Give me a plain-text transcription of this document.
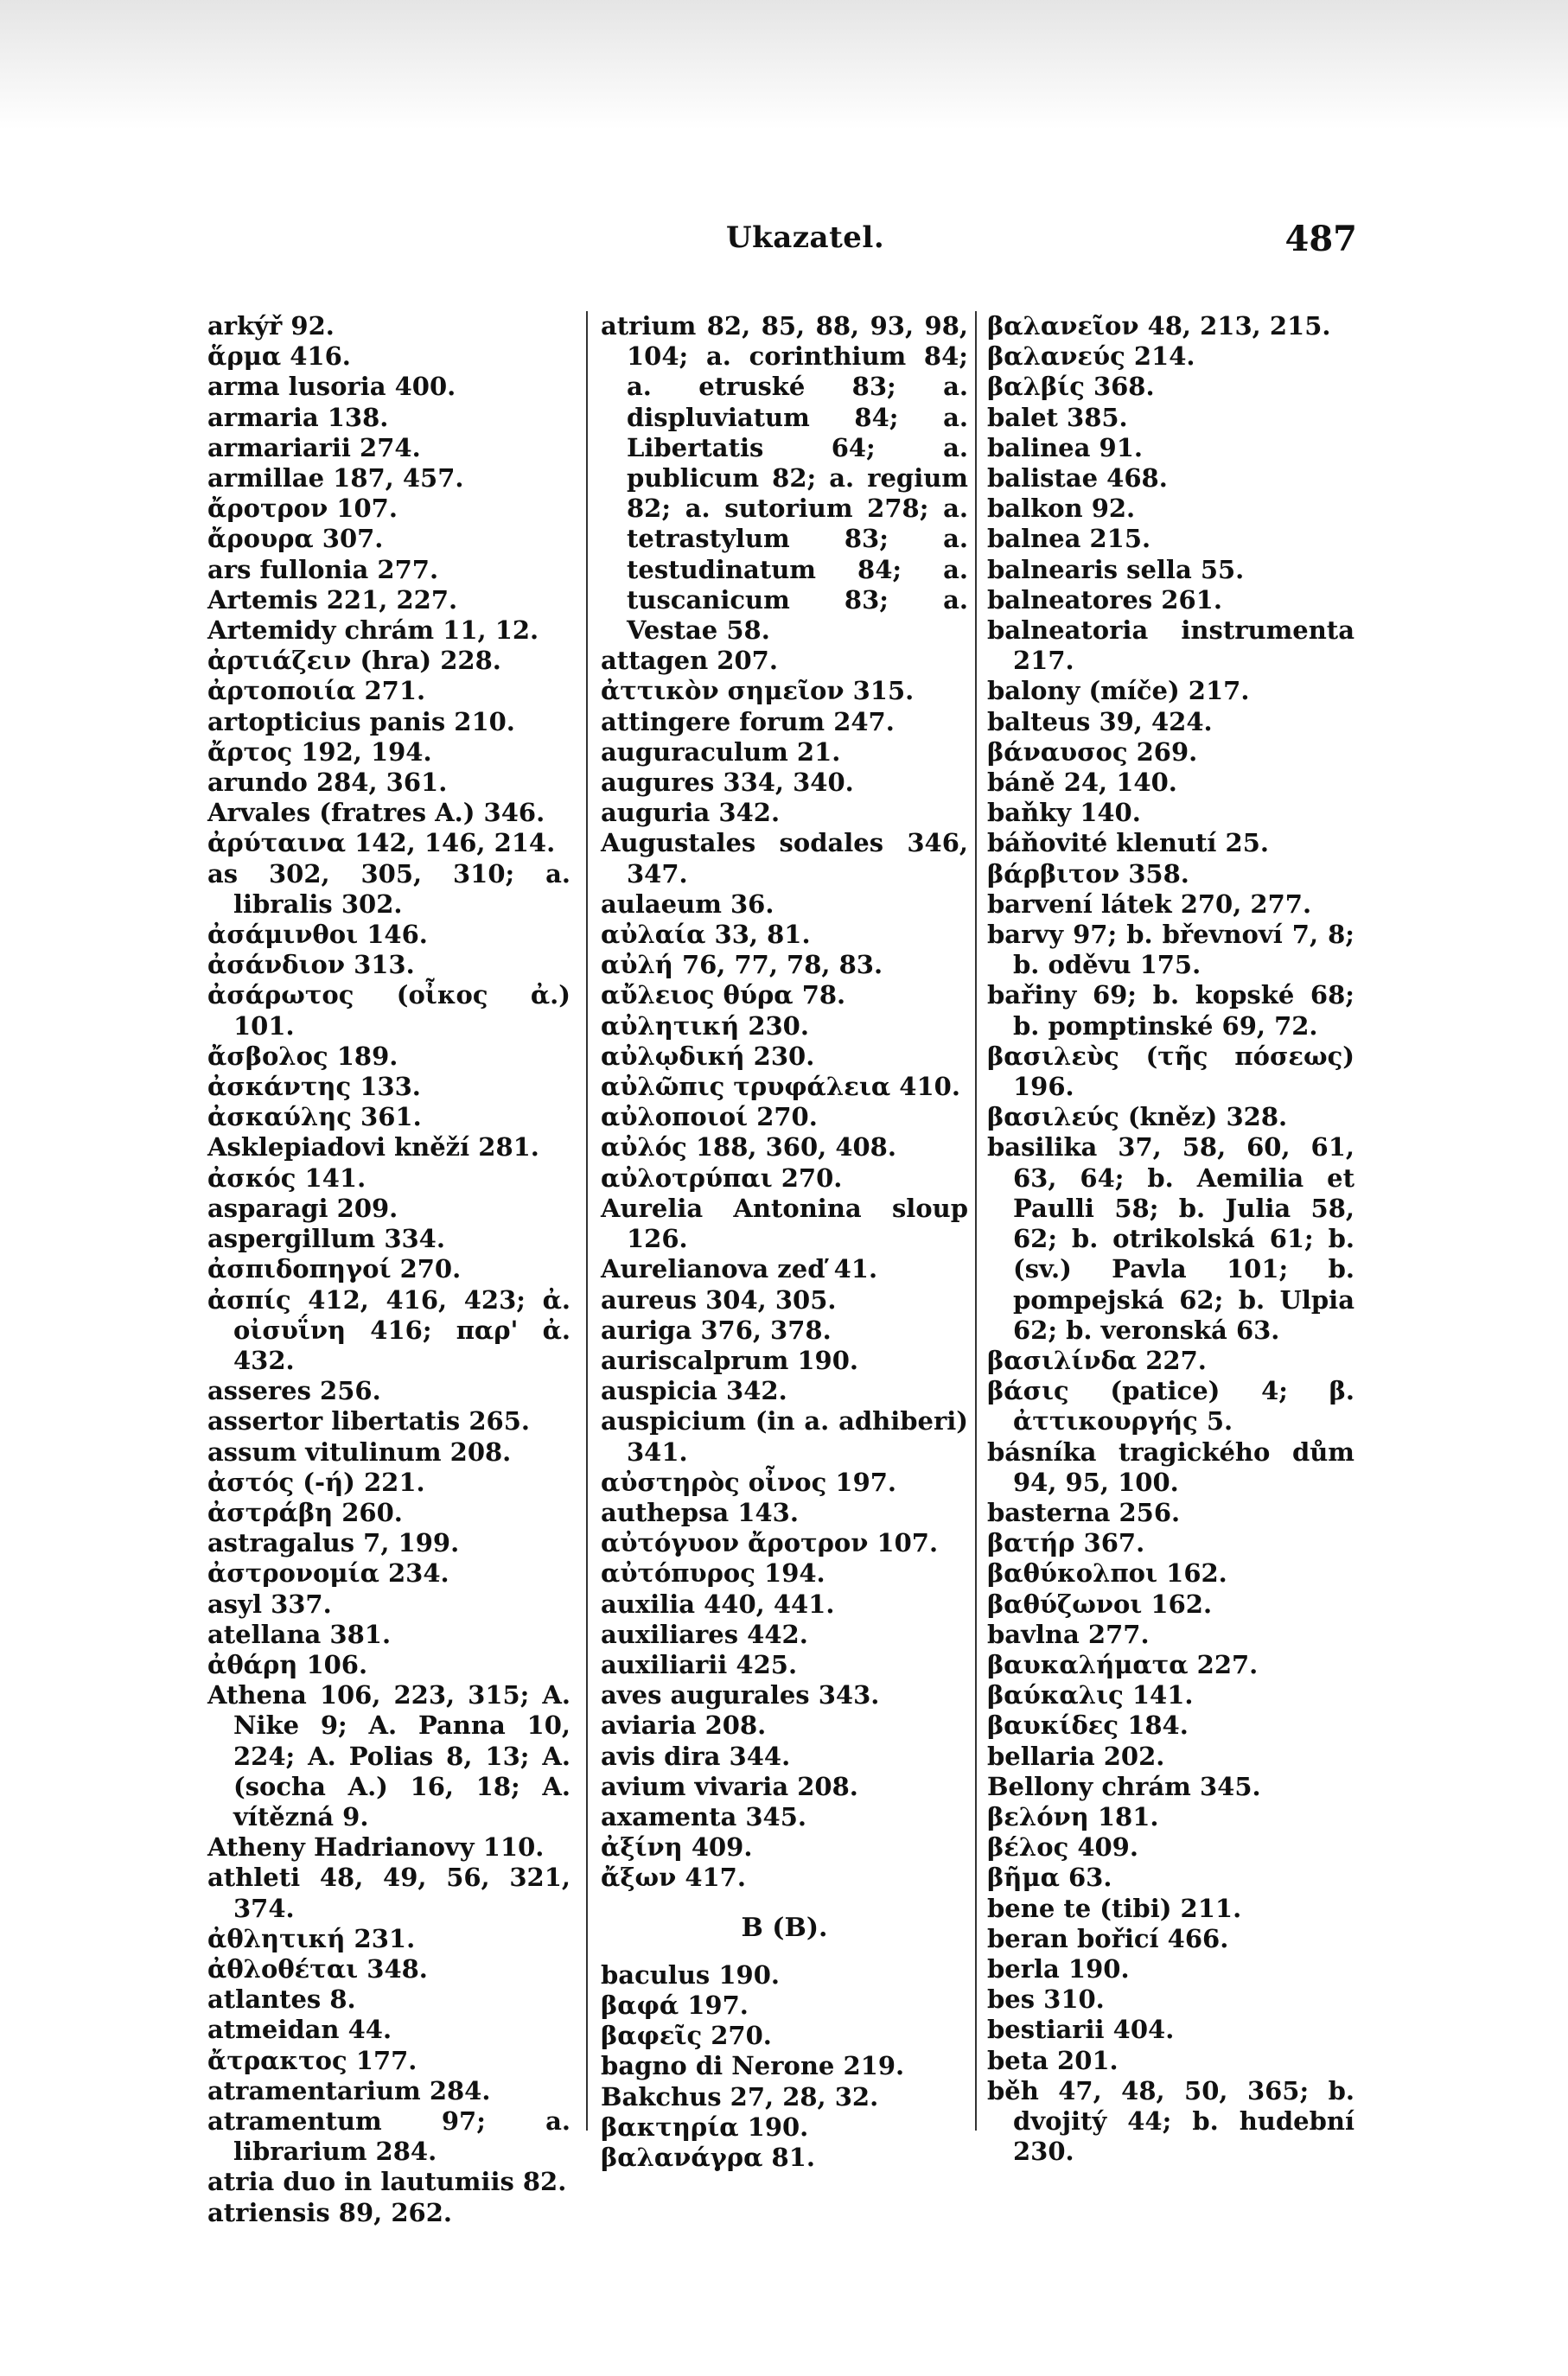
Ukazatel.	487

arkýř 92.

ἅρμα 416.

arma lusoria 400.

armaria 138.

armariarii 274.

armillae 187, 457.

ἄροτρον 107.

ἄρουρα 307.

ars fullonia 277.

Artemis 221, 227.

Artemidy chrám 11, 12.

ἀρτιάζειν (hra) 228.

ἀρτοποιία 271.

artopticius panis 210.

ἄρτος 192, 194.

arundo 284, 361.

Arvales (fratres A.) 346.

ἀρύταινα 142, 146, 214.

as 302, 305, 310; a. libralis 302.

ἀσάμινθοι 146.

ἀσάνδιον 313.

ἀσάρωτος (οἶκος ἀ.) 101.

ἄσβολος 189.

ἀσκάντης 133.

ἀσκαύλης 361.

Asklepiadovi kněží 281.

ἀσκός 141.

asparagi 209.

aspergillum 334.

ἀσπιδοπηγοί 270.

ἀσπίς 412, 416, 423; ἀ. οἰσυΐνη 416; παρ' ἀ. 432.

asseres 256.

assertor libertatis 265.

assum vitulinum 208.

ἀστός (-ή) 221.

ἀστράβη 260.

astragalus 7, 199.

ἀστρονομία 234.

asyl 337.

atellana 381.

ἀθάρη 106.

Athena 106, 223, 315; A. Nike 9; A. Panna 10, 224; A. Polias 8, 13; A. (socha A.) 16, 18; A. vítězná 9.

Atheny Hadrianovy 110.

athleti 48, 49, 56, 321, 374.

ἀθλητική 231.

ἀθλοθέται 348.

atlantes 8.

atmeidan 44.

ἄτρακτος 177.

atramentarium 284.

atramentum 97; a. librarium 284.

atria duo in lautumiis 82.

atriensis 89, 262.

atrium 82, 85, 88, 93, 98, 104; a. corinthium 84; a. etruské 83; a. displuviatum 84; a. Libertatis 64; a. publicum 82; a. regium 82; a. sutorium 278; a. tetrastylum 83; a. testudinatum 84; a. tuscanicum 83; a. Vestae 58.

attagen 207.

ἀττικὸν σημεῖον 315.

attingere forum 247.

auguraculum 21.

augures 334, 340.

auguria 342.

Augustales sodales 346, 347.

aulaeum 36.

αὐλαία 33, 81.

αὐλή 76, 77, 78, 83.

αὔλειος θύρα 78.

αὐλητική 230.

αὐλῳδική 230.

αὐλῶπις τρυφάλεια 410.

αὐλοποιοί 270.

αὐλός 188, 360, 408.

αὐλοτρύπαι 270.

Aurelia Antonina sloup 126.

Aurelianova zeď 41.

aureus 304, 305.

auriga 376, 378.

auriscalprum 190.

auspicia 342.

auspicium (in a. adhiberi) 341.

αὐστηρὸς οἶνος 197.

authepsa 143.

αὐτόγυον ἄροτρον 107.

αὐτόπυρος 194.

auxilia 440, 441.

auxiliares 442.

auxiliarii 425.

aves augurales 343.

aviaria 208.

avis dira 344.

avium vivaria 208.

axamenta 345.

ἀξίνη 409.

ἄξων 417.

B (Β).

baculus 190.

βαφά 197.

βαφεῖς 270.

bagno di Nerone 219.

Bakchus 27, 28, 32.

βακτηρία 190.

βαλανάγρα 81.

βαλανεῖον 48, 213, 215.

βαλανεύς 214.

βαλβίς 368.

balet 385.

balinea 91.

balistae 468.

balkon 92.

balnea 215.

balnearis sella 55.

balneatores 261.

balneatoria instrumenta 217.

balony (míče) 217.

balteus 39, 424.

βάναυσος 269.

báně 24, 140.

baňky 140.

báňovité klenutí 25.

βάρβιτον 358.

barvení látek 270, 277.

barvy 97; b. břevnoví 7, 8; b. oděvu 175.

bařiny 69; b. kopské 68; b. pomptinské 69, 72.

βασιλεὺς (τῆς πόσεως) 196.

βασιλεύς (kněz) 328.

basilika 37, 58, 60, 61, 63, 64; b. Aemilia et Paulli 58; b. Julia 58, 62; b. otrikolská 61; b. (sv.) Pavla 101; b. pompejská 62; b. Ulpia 62; b. veronská 63.

βασιλίνδα 227.

βάσις (patice) 4; β. ἀττικουργής 5.

básníka tragického dům 94, 95, 100.

basterna 256.

βατήρ 367.

βαθύκολποι 162.

βαθύζωνοι 162.

bavlna 277.

βαυκαλήματα 227.

βαύκαλις 141.

βαυκίδες 184.

bellaria 202.

Bellony chrám 345.

βελόνη 181.

βέλος 409.

βῆμα 63.

bene te (tibi) 211.

beran bořicí 466.

berla 190.

bes 310.

bestiarii 404.

beta 201.

běh 47, 48, 50, 365; b. dvojitý 44; b. hudební 230.
